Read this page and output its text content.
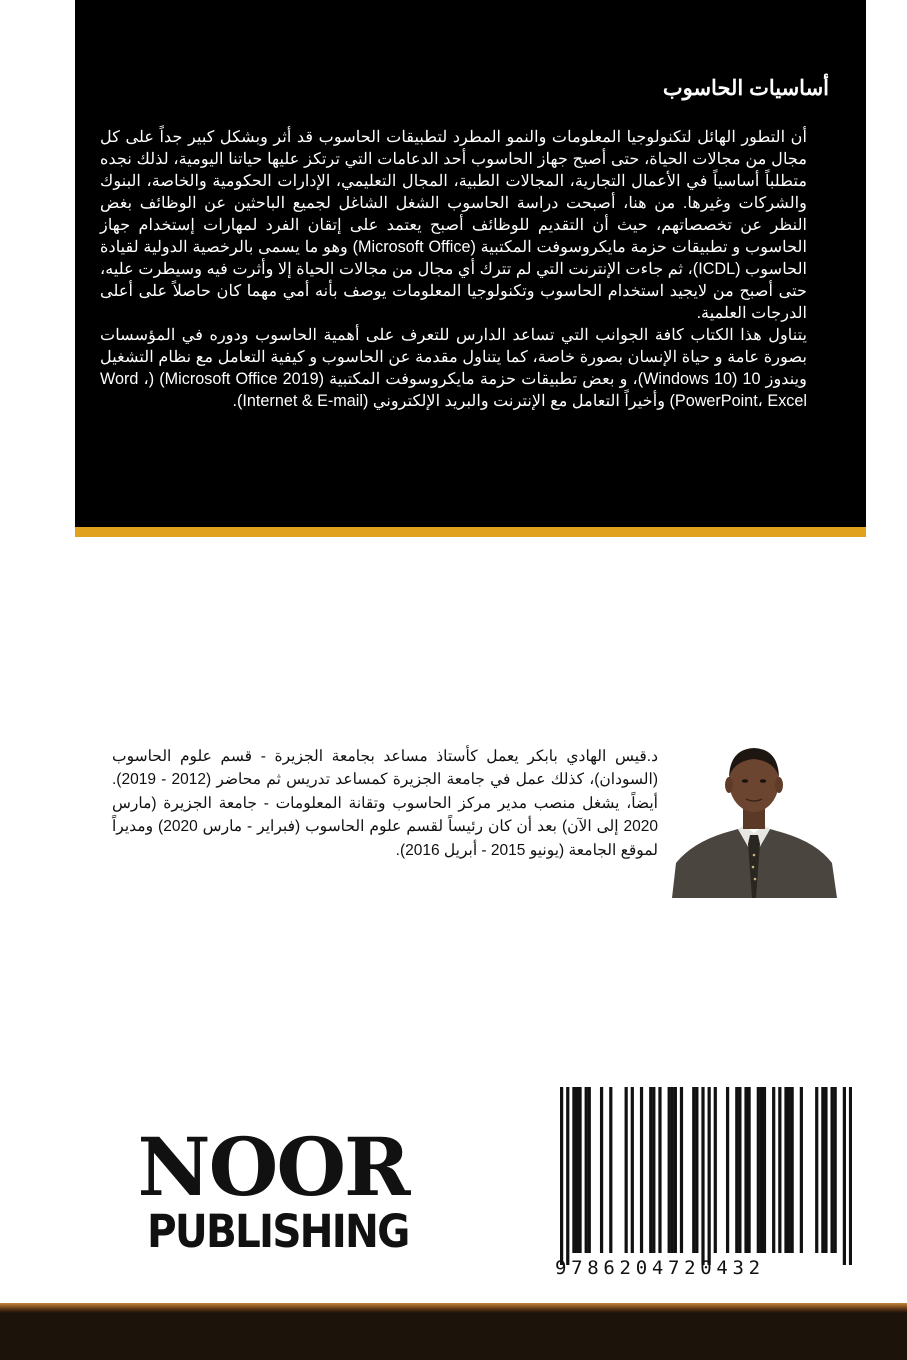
أساسيات الحاسوب

أن التطور الهائل لتكنولوجيا المعلومات والنمو المطرد لتطبيقات الحاسوب قد أثر وبشكل كبير جداً على كل مجال من مجالات الحياة، حتى أصبح جهاز الحاسوب أحد الدعامات التي ترتكز عليها حياتنا اليومية، لذلك نجده متطلباً أساسياً في الأعمال التجارية، المجالات الطبية، المجال التعليمي، الإدارات الحكومية والخاصة، البنوك والشركات وغيرها. من هنا، أصبحت دراسة الحاسوب الشغل الشاغل لجميع الباحثين عن الوظائف بغض النظر عن تخصصاتهم، حيث أن التقديم للوظائف أصبح يعتمد على إتقان الفرد لمهارات إستخدام جهاز الحاسوب و تطبيقات حزمة مايكروسوفت المكتبية (Microsoft Office) وهو ما يسمى بالرخصية الدولية لقيادة الحاسوب (ICDL)، ثم جاءت الإنترنت التي لم تترك أي مجال من مجالات الحياة إلا وأثرت فيه وسيطرت عليه، حتى أصبح من لايجيد استخدام الحاسوب وتكنولوجيا المعلومات يوصف بأنه أمي مهما كان حاصلاً على أعلى الدرجات العلمية.

يتناول هذا الكتاب كافة الجوانب التي تساعد الدارس للتعرف على أهمية الحاسوب ودوره في المؤسسات بصورة عامة و حياة الإنسان بصورة خاصة، كما يتناول مقدمة عن الحاسوب و كيفية التعامل مع نظام التشغيل ويندوز 10 (Windows 10)، و بعض تطبيقات حزمة مايكروسوفت المكتبية (Microsoft Office 2019) (Word ، PowerPoint، Excel) وأخيراً التعامل مع الإنترنت والبريد الإلكتروني (Internet & E-mail).

د.قيس الهادي بابكر يعمل كأستاذ مساعد بجامعة الجزيرة - قسم علوم الحاسوب (السودان)، كذلك عمل في جامعة الجزيرة كمساعد تدريس ثم محاضر (2012 - 2019). أيضاً، يشغل منصب مدير مركز الحاسوب وتقانة المعلومات - جامعة الجزيرة (مارس 2020 إلى الآن) بعد أن كان رئيساً لقسم علوم الحاسوب (فبراير - مارس 2020) ومديراً لموقع الجامعة (يونيو 2015 - أبريل 2016).
NOOR
PUBLISHING
9786204720432
